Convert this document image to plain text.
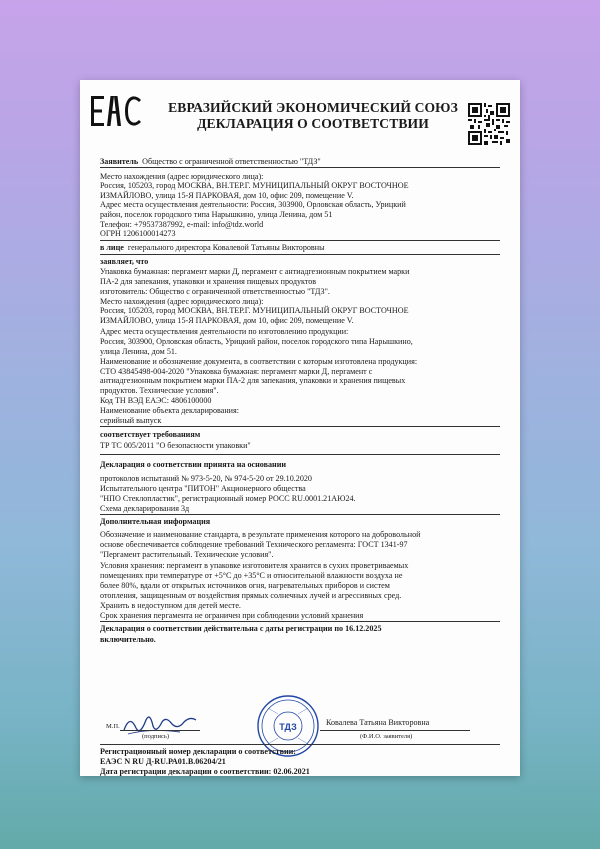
ЕВРАЗИЙСКИЙ ЭКОНОМИЧЕСКИЙ СОЮЗ
ДЕКЛАРАЦИЯ О СООТВЕТСТВИИ
Заявитель Общество с ограниченной ответственностью "ТДЗ"
Место нахождения (адрес юридического лица):
Россия, 105203, город МОСКВА, ВН.ТЕР.Г. МУНИЦИПАЛЬНЫЙ ОКРУГ ВОСТОЧНОЕ
ИЗМАЙЛОВО, улица 15-Я ПАРКОВАЯ, дом 10, офис 209, помещение V.
Адрес места осуществления деятельности: Россия, 303900, Орловская область, Урицкий
район, поселок городского типа Нарышкино, улица Ленина, дом 51
Телефон: +79537387992, e-mail: info@tdz.world
ОГРН 1206100014273
в лице генерального директора Ковалевой Татьяны Викторовны
заявляет, что
Упаковка бумажная: пергамент марки Д, пергамент с антиадгезионным покрытием марки
ПА-2 для запекания, упаковки и хранения пищевых продуктов
изготовитель: Общество с ограниченной ответственностью "ТДЗ".
Место нахождения (адрес юридического лица):
Россия, 105203, город МОСКВА, ВН.ТЕР.Г. МУНИЦИПАЛЬНЫЙ ОКРУГ ВОСТОЧНОЕ
ИЗМАЙЛОВО, улица 15-Я ПАРКОВАЯ, дом 10, офис 209, помещение V.
Адрес места осуществления деятельности по изготовлению продукции:
Россия, 303900, Орловская область, Урицкий район, поселок городского типа Нарышкино,
улица Ленина, дом 51.
Наименование и обозначение документа, в соответствии с которым изготовлена продукция:
СТО 43845498-004-2020 "Упаковка бумажная: пергамент марки Д, пергамент с
антиадгезионным покрытием марки ПА-2 для запекания, упаковки и хранения пищевых
продуктов. Технические условия".
Код ТН ВЭД ЕАЭС: 4806100000
Наименование объекта декларирования:
серийный выпуск
соответствует требованиям
ТР ТС 005/2011 "О безопасности упаковки"
Декларация о соответствии принята на основании
протоколов испытаний № 973-5-20, № 974-5-20 от 29.10.2020
Испытательного центра "ПИТОН" Акционерного общества
"НПО Стеклопластик", регистрационный номер РОСС RU.0001.21АЮ24.
Схема декларирования 3д
Дополнительная информация
Обозначение и наименование стандарта, в результате применения которого на добровольной
основе обеспечивается соблюдение требований Технического регламента: ГОСТ 1341-97
"Пергамент растительный. Технические условия".
Условия хранения: пергамент в упаковке изготовителя хранится в сухих проветриваемых
помещениях при температуре от +5°С до +35°С и относительной влажности воздуха не
более 80%, вдали от открытых источников огня, нагревательных приборов и систем
отопления, защищенным от воздействия прямых солнечных лучей и агрессивных сред.
Хранить в недоступном для детей месте.
Срок хранения пергамента не ограничен при соблюдении условий хранения
Декларация о соответствии действительна с даты регистрации по 16.12.2025
включительно.
ТДЗ
М.П.
(подпись)
Ковалева Татьяна Викторовна
(Ф.И.О. заявителя)
Регистрационный номер декларации о соответствии:
ЕАЭС N RU Д-RU.РА01.В.06204/21
Дата регистрации декларации о соответствии: 02.06.2021
